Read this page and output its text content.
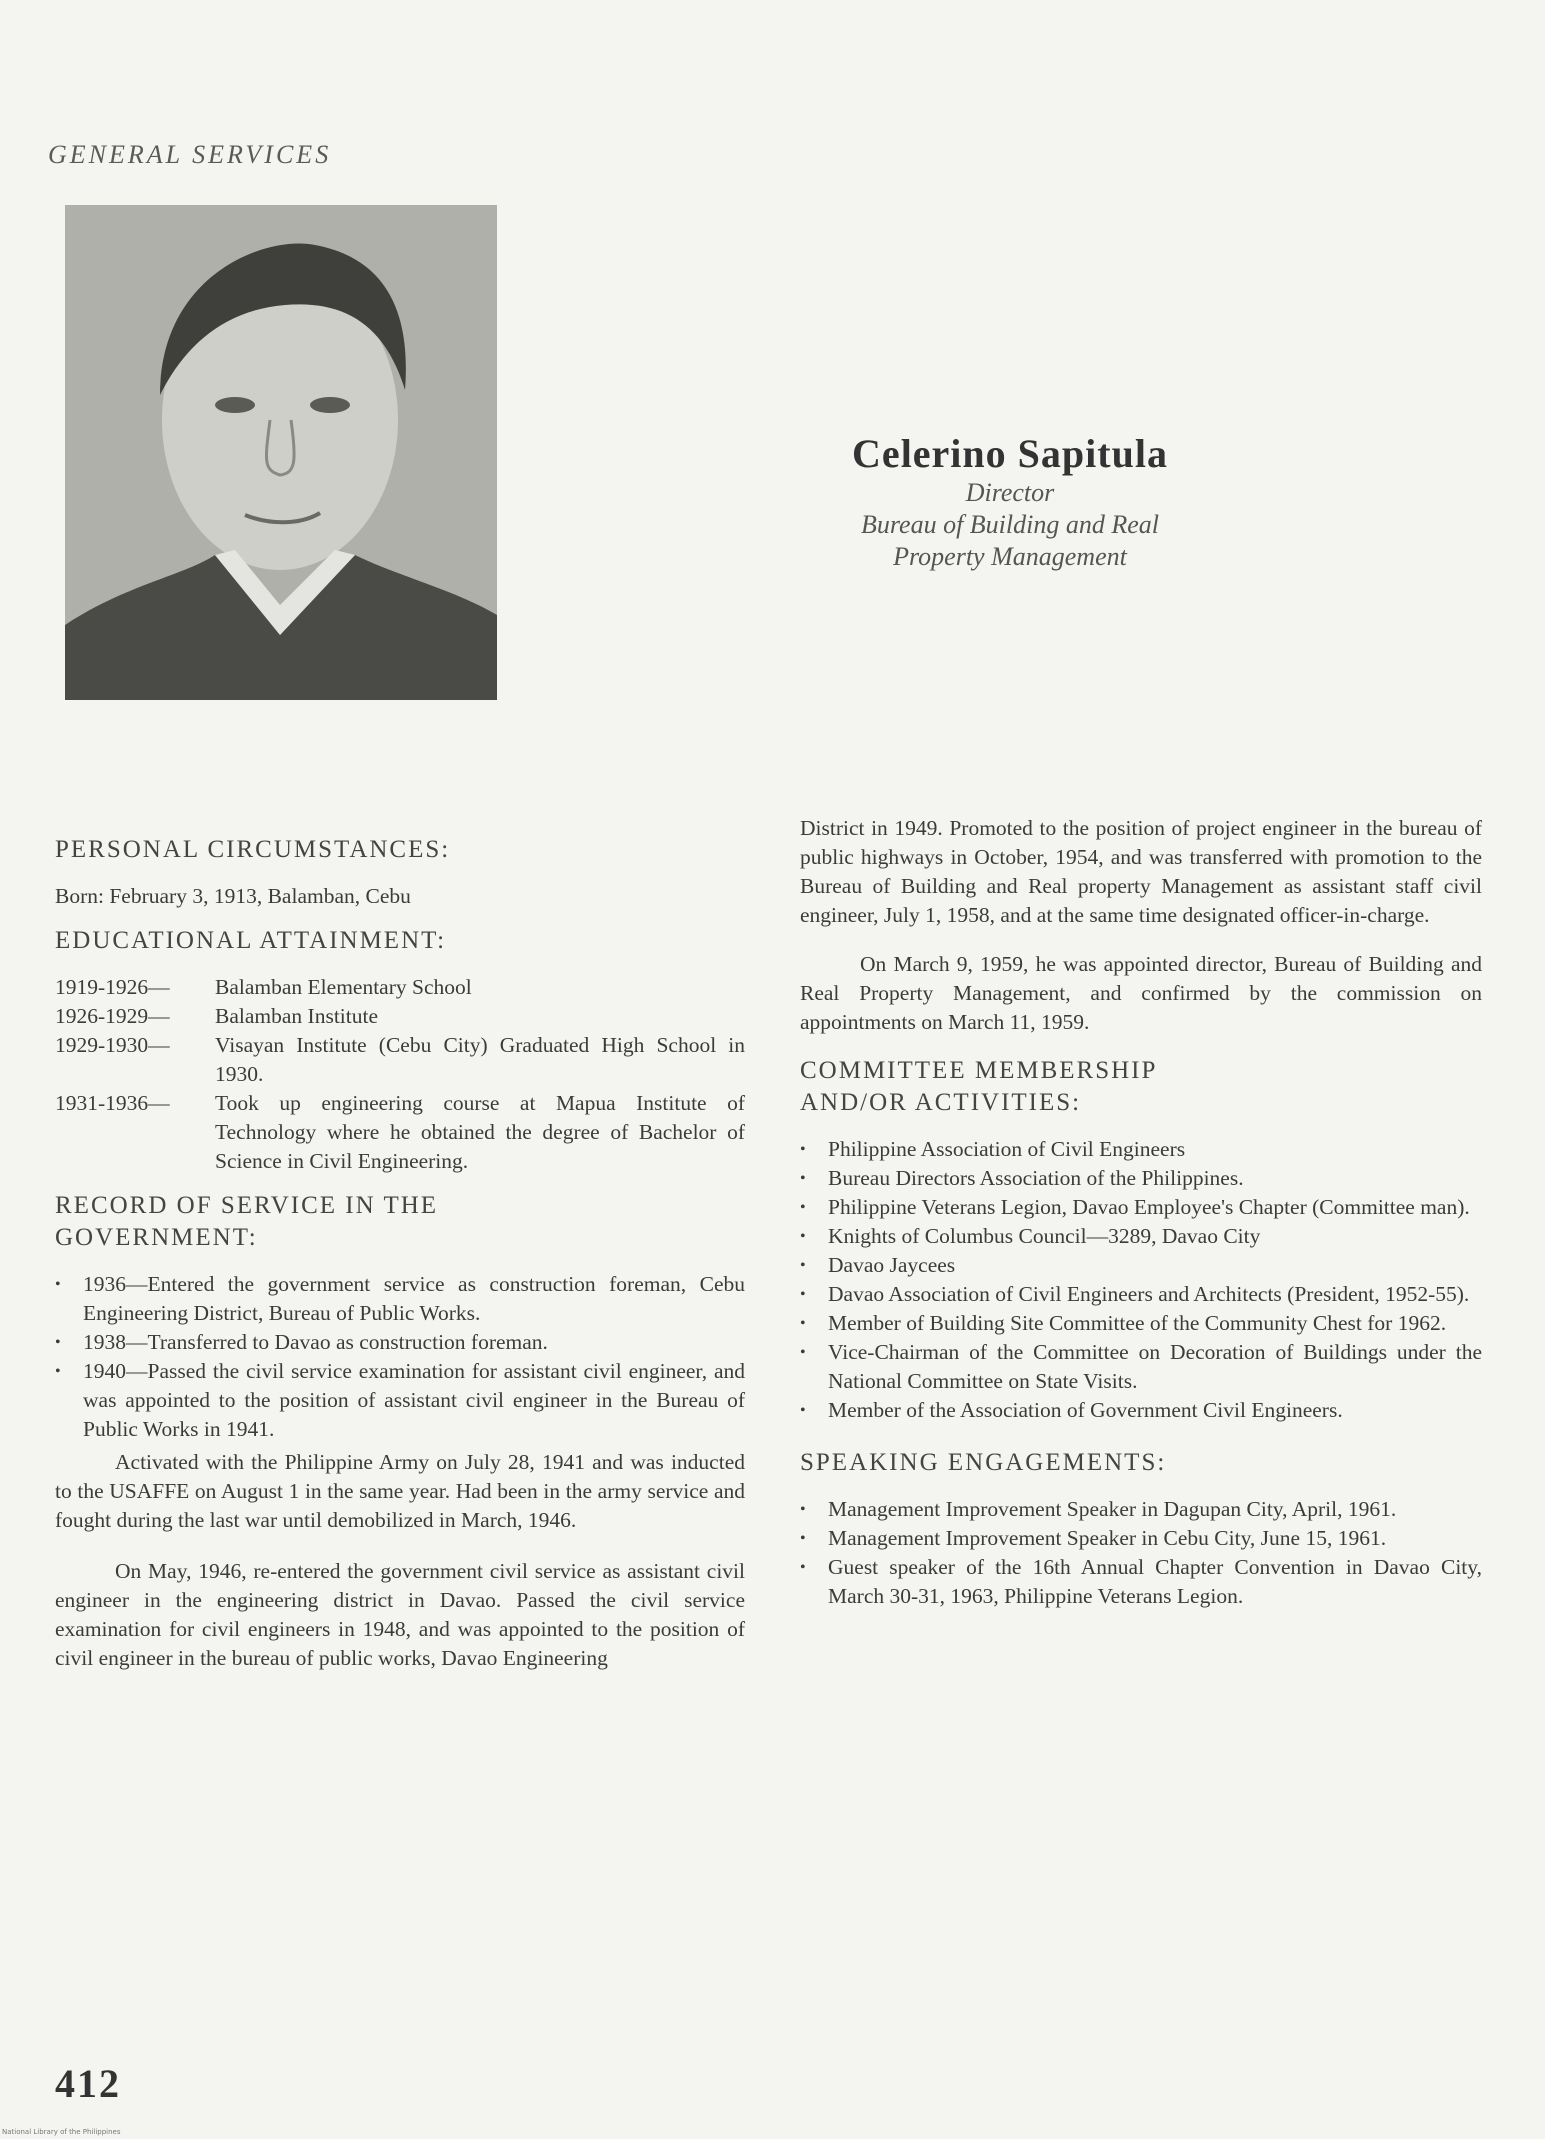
GENERAL SERVICES
Celerino Sapitula
Director
Bureau of Building and Real
Property Management
PERSONAL CIRCUMSTANCES:
Born: February 3, 1913, Balamban, Cebu
EDUCATIONAL ATTAINMENT:
1919-1926—	Balamban Elementary School
1926-1929—	Balamban Institute
1929-1930—	Visayan Institute (Cebu City) Graduated High School in 1930.
1931-1936—	Took up engineering course at Mapua Institute of Technology where he obtained the degree of Bachelor of Science in Civil Engineering.
RECORD OF SERVICE IN THE GOVERNMENT:
•	1936—Entered the government service as construction foreman, Cebu Engineering District, Bureau of Public Works.
•	1938—Transferred to Davao as construction foreman.
•	1940—Passed the civil service examination for assistant civil engineer, and was appointed to the position of assistant civil engineer in the Bureau of Public Works in 1941.
Activated with the Philippine Army on July 28, 1941 and was inducted to the USAFFE on August 1 in the same year. Had been in the army service and fought during the last war until demobilized in March, 1946.
On May, 1946, re-entered the government civil service as assistant civil engineer in the engineering district in Davao. Passed the civil service examination for civil engineers in 1948, and was appointed to the position of civil engineer in the bureau of public works, Davao Engineering
District in 1949. Promoted to the position of project engineer in the bureau of public highways in October, 1954, and was transferred with promotion to the Bureau of Building and Real property Management as assistant staff civil engineer, July 1, 1958, and at the same time designated officer-in-charge.
On March 9, 1959, he was appointed director, Bureau of Building and Real Property Management, and confirmed by the commission on appointments on March 11, 1959.
COMMITTEE MEMBERSHIP
AND/OR ACTIVITIES:
•	Philippine Association of Civil Engineers
•	Bureau Directors Association of the Philippines.
•	Philippine Veterans Legion, Davao Employee's Chapter (Committee man).
•	Knights of Columbus Council—3289, Davao City
•	Davao Jaycees
•	Davao Association of Civil Engineers and Architects (President, 1952-55).
•	Member of Building Site Committee of the Community Chest for 1962.
•	Vice-Chairman of the Committee on Decoration of Buildings under the National Committee on State Visits.
•	Member of the Association of Government Civil Engineers.
SPEAKING ENGAGEMENTS:
•	Management Improvement Speaker in Dagupan City, April, 1961.
•	Management Improvement Speaker in Cebu City, June 15, 1961.
•	Guest speaker of the 16th Annual Chapter Convention in Davao City, March 30-31, 1963, Philippine Veterans Legion.
412
National Library of the Philippines
